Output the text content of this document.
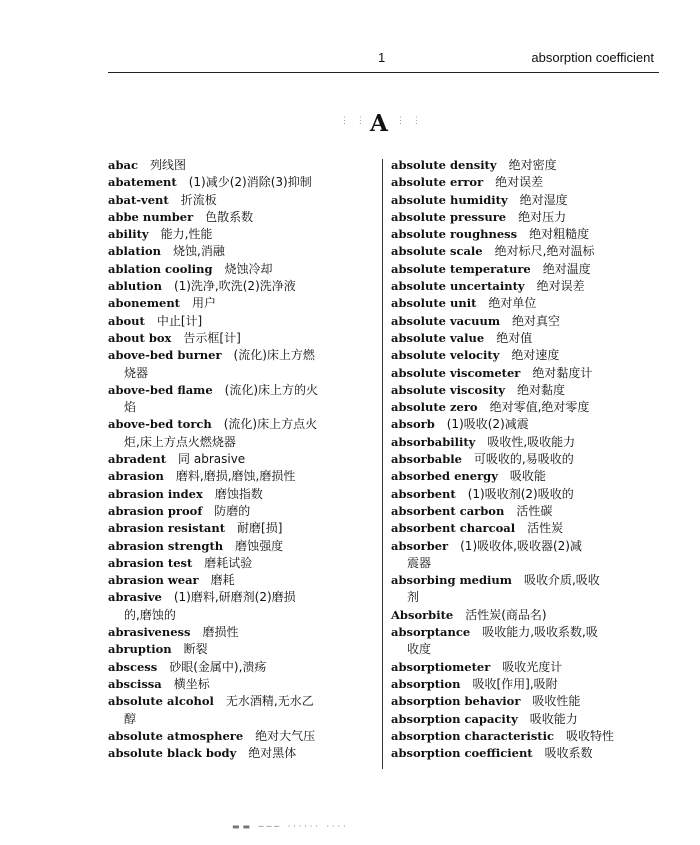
1	absorption coefficient
⋮ ⋮ A ⋮ ⋮
abac 列线图
abatement (1)减少(2)消除(3)抑制
abat-vent 折流板
abbe number 色散系数
ability 能力,性能
ablation 烧蚀,消融
ablation cooling 烧蚀冷却
ablution (1)洗净,吹洗(2)洗净液
abonement 用户
about 中止[计]
about box 告示框[计]
above-bed burner (流化)床上方燃
烧器
above-bed flame (流化)床上方的火
焰
above-bed torch (流化)床上方点火
炬,床上方点火燃烧器
abradent 同 abrasive
abrasion 磨料,磨损,磨蚀,磨损性
abrasion index 磨蚀指数
abrasion proof 防磨的
abrasion resistant 耐磨[损]
abrasion strength 磨蚀强度
abrasion test 磨耗试验
abrasion wear 磨耗
abrasive (1)磨料,研磨剂(2)磨损
的,磨蚀的
abrasiveness 磨损性
abruption 断裂
abscess 砂眼(金属中),溃疡
abscissa 横坐标
absolute alcohol 无水酒精,无水乙
醇
absolute atmosphere 绝对大气压
absolute black body 绝对黑体
absolute density 绝对密度
absolute error 绝对误差
absolute humidity 绝对湿度
absolute pressure 绝对压力
absolute roughness 绝对粗糙度
absolute scale 绝对标尺,绝对温标
absolute temperature 绝对温度
absolute uncertainty 绝对误差
absolute unit 绝对单位
absolute vacuum 绝对真空
absolute value 绝对值
absolute velocity 绝对速度
absolute viscometer 绝对黏度计
absolute viscosity 绝对黏度
absolute zero 绝对零值,绝对零度
absorb (1)吸收(2)减震
absorbability 吸收性,吸收能力
absorbable 可吸收的,易吸收的
absorbed energy 吸收能
absorbent (1)吸收剂(2)吸收的
absorbent carbon 活性碳
absorbent charcoal 活性炭
absorber (1)吸收体,吸收器(2)减
震器
absorbing medium 吸收介质,吸收
剂
Absorbite 活性炭(商品名)
absorptance 吸收能力,吸收系数,吸
收度
absorptiometer 吸收光度计
absorption 吸收[作用],吸附
absorption behavior 吸收性能
absorption capacity 吸收能力
absorption characteristic 吸收特性
absorption coefficient 吸收系数
▬▬ ─── ······ ····
